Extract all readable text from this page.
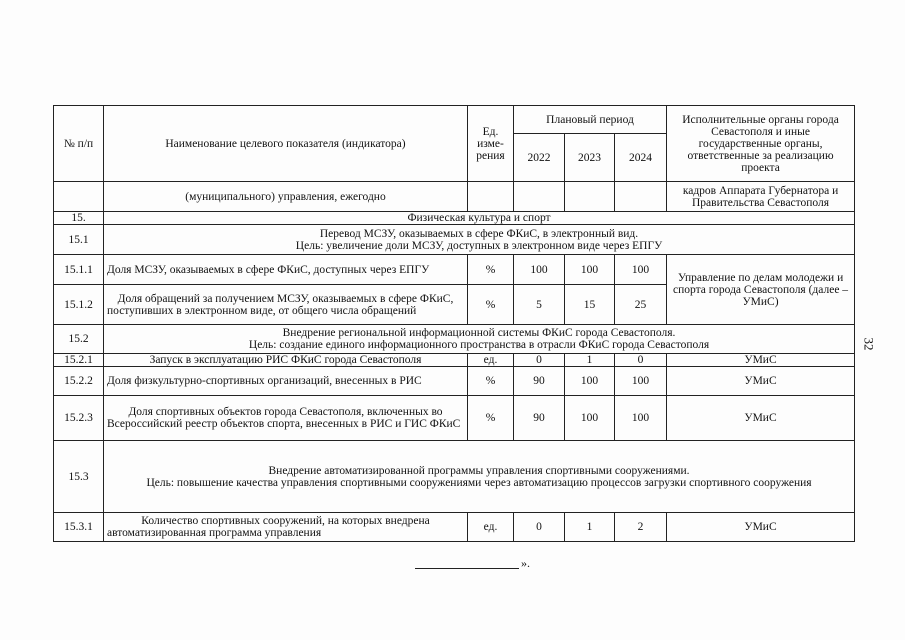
№ п/п	Наименование целевого показателя (индикатора)	Ед. изме-рения	Плановый период			Исполнительные органы города Севастополя и иные государственные органы, ответственные за реализацию проекта
			2022	2023	2024	
	(муниципального) управления, ежегодно					кадров Аппарата Губернатора и Правительства Севастополя
15.	Физическая культура и спорт					
15.1	Перевод МСЗУ, оказываемых в сфере ФКиС, в электронный вид.
Цель: увеличение доли МСЗУ, доступных в электронном виде через ЕПГУ					

15.1.1	Доля МСЗУ, оказываемых в сфере ФКиС, доступных через ЕПГУ	%	100	100	100	Управление по делам молодежи и спорта города Севастополя (далее – УМиС)
15.1.2	Доля обращений за получением МСЗУ, оказываемых в сфере ФКиС, поступивших в электронном виде, от общего числа обращений	%	5	15	25	
15.2	Внедрение региональной информационной системы ФКиС города Севастополя.
Цель: создание единого информационного пространства в отрасли ФКиС города Севастополя					

15.2.1	Запуск в эксплуатацию РИС ФКиС города Севастополя	ед.	0	1	0	УМиС
15.2.2	Доля физкультурно-спортивных организаций, внесенных в РИС	%	90	100	100	УМиС
15.2.3	Доля спортивных объектов города Севастополя, включенных во Всероссийский реестр объектов спорта, внесенных в РИС и ГИС ФКиС	%	90	100	100	УМиС
15.3	Внедрение автоматизированной программы управления спортивными сооружениями.
Цель: повышение качества управления спортивными сооружениями через автоматизацию процессов загрузки спортивного сооружения					

15.3.1	Количество спортивных сооружений, на которых внедрена автоматизированная программа управления	ед.	0	1	2	УМиС
».
32
